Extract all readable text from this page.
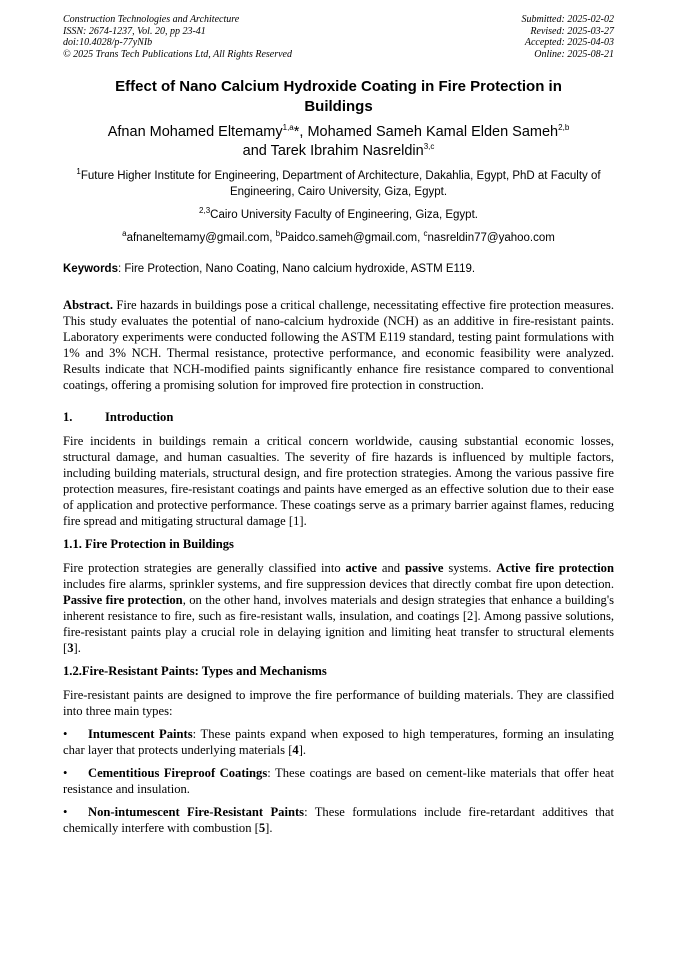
Construction Technologies and Architecture
ISSN: 2674-1237, Vol. 20, pp 23-41
doi:10.4028/p-77yNIb
© 2025 Trans Tech Publications Ltd, All Rights Reserved
Submitted: 2025-02-02
Revised: 2025-03-27
Accepted: 2025-04-03
Online: 2025-08-21
Effect of Nano Calcium Hydroxide Coating in Fire Protection in Buildings
Afnan Mohamed Eltemamy$^{1,a}$*, Mohamed Sameh Kamal Elden Sameh$^{2,b}$
and Tarek Ibrahim Nasreldin$^{3,c}$
$^1$Future Higher Institute for Engineering, Department of Architecture, Dakahlia, Egypt, PhD at Faculty of Engineering, Cairo University, Giza, Egypt.
$^{2,3}$Cairo University Faculty of Engineering, Giza, Egypt.
$^a$afnaneltemamy@gmail.com, $^b$Paidco.sameh@gmail.com, $^c$nasreldin77@yahoo.com
Keywords: Fire Protection, Nano Coating, Nano calcium hydroxide, ASTM E119.
Abstract. Fire hazards in buildings pose a critical challenge, necessitating effective fire protection measures. This study evaluates the potential of nano-calcium hydroxide (NCH) as an additive in fire-resistant paints. Laboratory experiments were conducted following the ASTM E119 standard, testing paint formulations with 1% and 3% NCH. Thermal resistance, protective performance, and economic feasibility were analyzed. Results indicate that NCH-modified paints significantly enhance fire resistance compared to conventional coatings, offering a promising solution for improved fire protection in construction.
1.	Introduction
Fire incidents in buildings remain a critical concern worldwide, causing substantial economic losses, structural damage, and human casualties. The severity of fire hazards is influenced by multiple factors, including building materials, structural design, and fire protection strategies. Among the various passive fire protection measures, fire-resistant coatings and paints have emerged as an effective solution due to their ease of application and protective performance. These coatings serve as a primary barrier against flames, reducing fire spread and mitigating structural damage [1].
1.1. Fire Protection in Buildings
Fire protection strategies are generally classified into active and passive systems. Active fire protection includes fire alarms, sprinkler systems, and fire suppression devices that directly combat fire upon detection. Passive fire protection, on the other hand, involves materials and design strategies that enhance a building's inherent resistance to fire, such as fire-resistant walls, insulation, and coatings [2]. Among passive solutions, fire-resistant paints play a crucial role in delaying ignition and limiting heat transfer to structural elements [3].
1.2.Fire-Resistant Paints: Types and Mechanisms
Fire-resistant paints are designed to improve the fire performance of building materials. They are classified into three main types:
• Intumescent Paints: These paints expand when exposed to high temperatures, forming an insulating char layer that protects underlying materials [4].
• Cementitious Fireproof Coatings: These coatings are based on cement-like materials that offer heat resistance and insulation.
• Non-intumescent Fire-Resistant Paints: These formulations include fire-retardant additives that chemically interfere with combustion [5].
